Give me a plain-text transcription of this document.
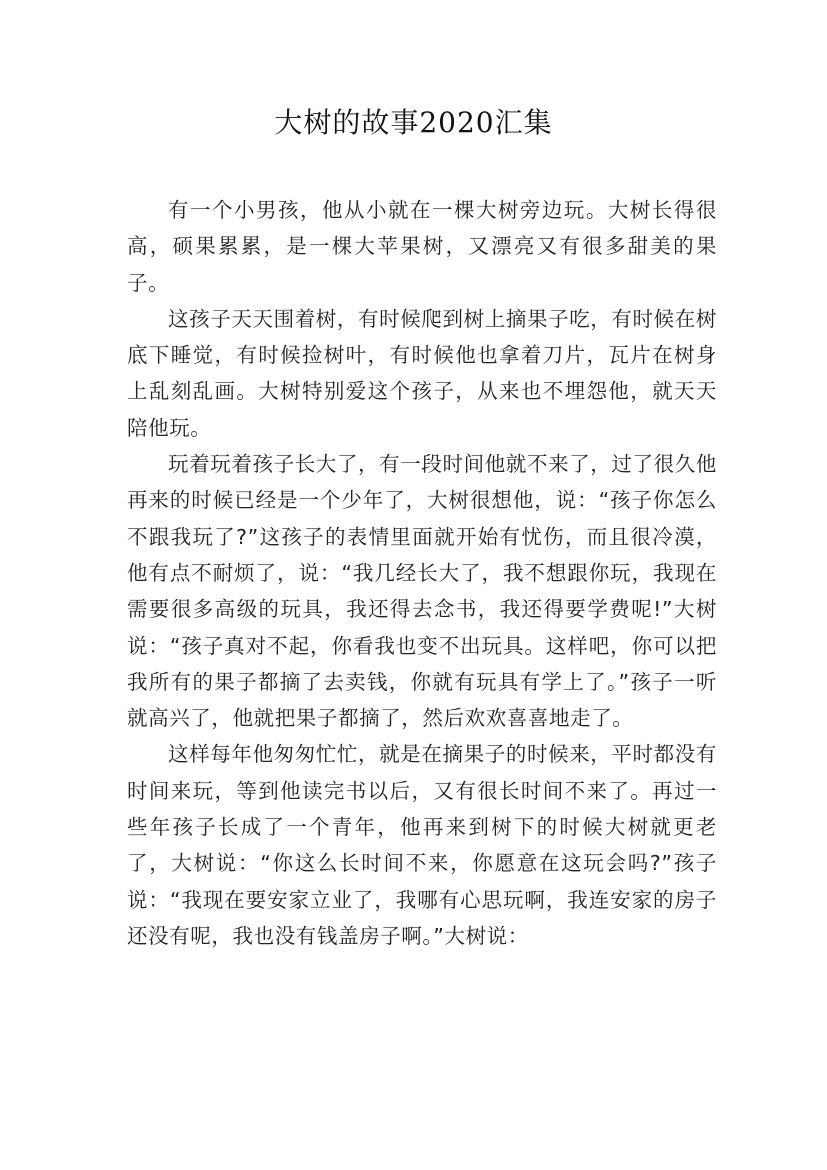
大树的故事2020汇集

有一个小男孩，他从小就在一棵大树旁边玩。大树长得很高，硕果累累，是一棵大苹果树，又漂亮又有很多甜美的果子。

这孩子天天围着树，有时候爬到树上摘果子吃，有时候在树底下睡觉，有时候捡树叶，有时候他也拿着刀片，瓦片在树身上乱刻乱画。大树特别爱这个孩子，从来也不埋怨他，就天天陪他玩。

玩着玩着孩子长大了，有一段时间他就不来了，过了很久他再来的时候已经是一个少年了，大树很想他，说：“孩子你怎么不跟我玩了?”这孩子的表情里面就开始有忧伤，而且很冷漠，他有点不耐烦了，说：“我几经长大了，我不想跟你玩，我现在需要很多高级的玩具，我还得去念书，我还得要学费呢!”大树说：“孩子真对不起，你看我也变不出玩具。这样吧，你可以把我所有的果子都摘了去卖钱，你就有玩具有学上了。”孩子一听就高兴了，他就把果子都摘了，然后欢欢喜喜地走了。

这样每年他匆匆忙忙，就是在摘果子的时候来，平时都没有时间来玩，等到他读完书以后，又有很长时间不来了。再过一些年孩子长成了一个青年，他再来到树下的时候大树就更老了，大树说：“你这么长时间不来，你愿意在这玩会吗?”孩子说：“我现在要安家立业了，我哪有心思玩啊，我连安家的房子还没有呢，我也没有钱盖房子啊。”大树说：
